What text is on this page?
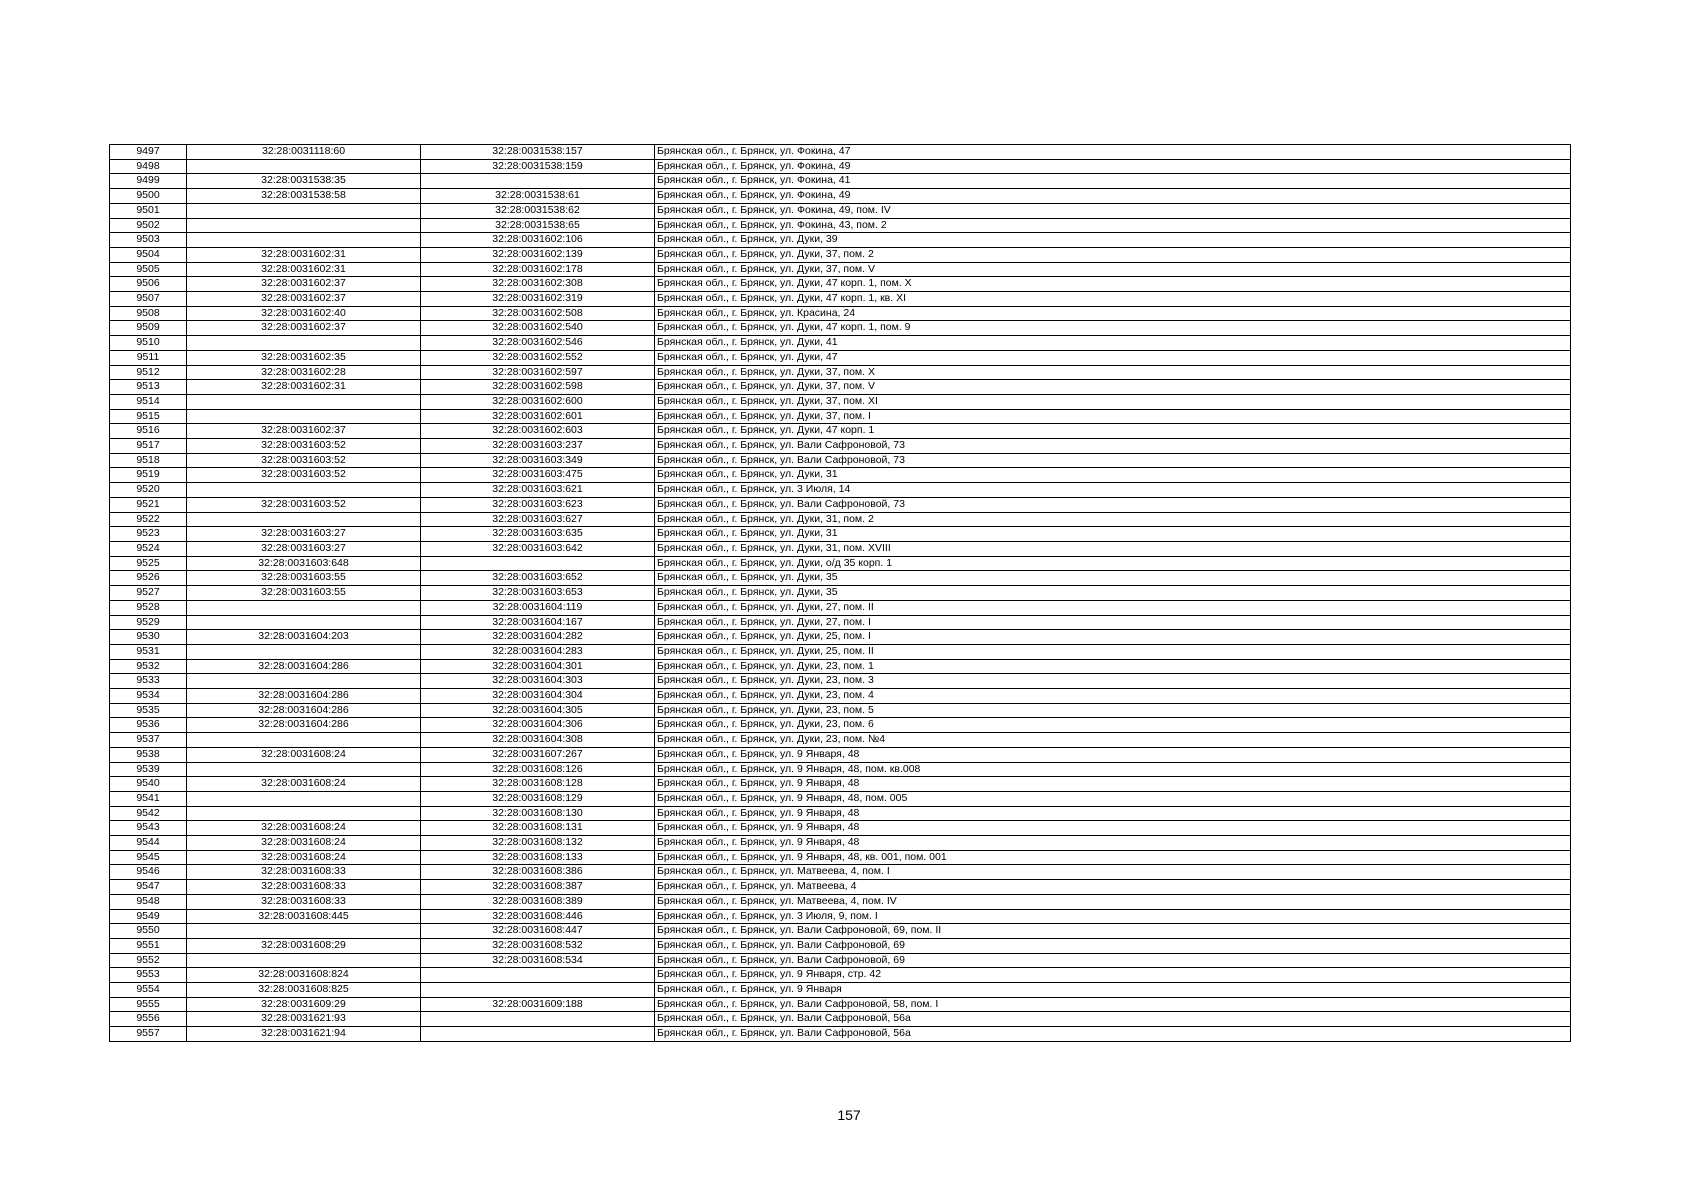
9497	32:28:0031118:60	32:28:0031538:157	Брянская обл., г. Брянск, ул. Фокина, 47
9498		32:28:0031538:159	Брянская обл., г. Брянск, ул. Фокина, 49
9499	32:28:0031538:35		Брянская обл., г. Брянск, ул. Фокина, 41
9500	32:28:0031538:58	32:28:0031538:61	Брянская обл., г. Брянск, ул. Фокина, 49
9501		32:28:0031538:62	Брянская обл., г. Брянск, ул. Фокина, 49, пом. IV
9502		32:28:0031538:65	Брянская обл., г. Брянск, ул. Фокина, 43, пом. 2
9503		32:28:0031602:106	Брянская обл., г. Брянск, ул. Дуки, 39
9504	32:28:0031602:31	32:28:0031602:139	Брянская обл., г. Брянск, ул. Дуки, 37, пом. 2
9505	32:28:0031602:31	32:28:0031602:178	Брянская обл., г. Брянск, ул. Дуки, 37, пом. V
9506	32:28:0031602:37	32:28:0031602:308	Брянская обл., г. Брянск, ул. Дуки, 47 корп. 1, пом. X
9507	32:28:0031602:37	32:28:0031602:319	Брянская обл., г. Брянск, ул. Дуки, 47 корп. 1, кв. XI
9508	32:28:0031602:40	32:28:0031602:508	Брянская обл., г. Брянск, ул. Красина, 24
9509	32:28:0031602:37	32:28:0031602:540	Брянская обл., г. Брянск, ул. Дуки, 47 корп. 1, пом. 9
9510		32:28:0031602:546	Брянская обл., г. Брянск, ул. Дуки, 41
9511	32:28:0031602:35	32:28:0031602:552	Брянская обл., г. Брянск, ул. Дуки, 47
9512	32:28:0031602:28	32:28:0031602:597	Брянская обл., г. Брянск, ул. Дуки, 37, пом. X
9513	32:28:0031602:31	32:28:0031602:598	Брянская обл., г. Брянск, ул. Дуки, 37, пом. V
9514		32:28:0031602:600	Брянская обл., г. Брянск, ул. Дуки, 37, пом. XI
9515		32:28:0031602:601	Брянская обл., г. Брянск, ул. Дуки, 37, пом. I
9516	32:28:0031602:37	32:28:0031602:603	Брянская обл., г. Брянск, ул. Дуки, 47 корп. 1
9517	32:28:0031603:52	32:28:0031603:237	Брянская обл., г. Брянск, ул. Вали Сафроновой, 73
9518	32:28:0031603:52	32:28:0031603:349	Брянская обл., г. Брянск, ул. Вали Сафроновой, 73
9519	32:28:0031603:52	32:28:0031603:475	Брянская обл., г. Брянск, ул. Дуки, 31
9520		32:28:0031603:621	Брянская обл., г. Брянск, ул. 3 Июля, 14
9521	32:28:0031603:52	32:28:0031603:623	Брянская обл., г. Брянск, ул. Вали Сафроновой, 73
9522		32:28:0031603:627	Брянская обл., г. Брянск, ул. Дуки, 31, пом. 2
9523	32:28:0031603:27	32:28:0031603:635	Брянская обл., г. Брянск, ул. Дуки, 31
9524	32:28:0031603:27	32:28:0031603:642	Брянская обл., г. Брянск, ул. Дуки, 31, пом. XVIII
9525	32:28:0031603:648		Брянская обл., г. Брянск, ул. Дуки, о/д 35 корп. 1
9526	32:28:0031603:55	32:28:0031603:652	Брянская обл., г. Брянск, ул. Дуки, 35
9527	32:28:0031603:55	32:28:0031603:653	Брянская обл., г. Брянск, ул. Дуки, 35
9528		32:28:0031604:119	Брянская обл., г. Брянск, ул. Дуки, 27, пом. II
9529		32:28:0031604:167	Брянская обл., г. Брянск, ул. Дуки, 27, пом. I
9530	32:28:0031604:203	32:28:0031604:282	Брянская обл., г. Брянск, ул. Дуки, 25, пом. I
9531		32:28:0031604:283	Брянская обл., г. Брянск, ул. Дуки, 25, пом. II
9532	32:28:0031604:286	32:28:0031604:301	Брянская обл., г. Брянск, ул. Дуки, 23, пом. 1
9533		32:28:0031604:303	Брянская обл., г. Брянск, ул. Дуки, 23, пом. 3
9534	32:28:0031604:286	32:28:0031604:304	Брянская обл., г. Брянск, ул. Дуки, 23, пом. 4
9535	32:28:0031604:286	32:28:0031604:305	Брянская обл., г. Брянск, ул. Дуки, 23, пом. 5
9536	32:28:0031604:286	32:28:0031604:306	Брянская обл., г. Брянск, ул. Дуки, 23, пом. 6
9537		32:28:0031604:308	Брянская обл., г. Брянск, ул. Дуки, 23, пом. №4
9538	32:28:0031608:24	32:28:0031607:267	Брянская обл., г. Брянск, ул. 9 Января, 48
9539		32:28:0031608:126	Брянская обл., г. Брянск, ул. 9 Января, 48, пом. кв.008
9540	32:28:0031608:24	32:28:0031608:128	Брянская обл., г. Брянск, ул. 9 Января, 48
9541		32:28:0031608:129	Брянская обл., г. Брянск, ул. 9 Января, 48, пом. 005
9542		32:28:0031608:130	Брянская обл., г. Брянск, ул. 9 Января, 48
9543	32:28:0031608:24	32:28:0031608:131	Брянская обл., г. Брянск, ул. 9 Января, 48
9544	32:28:0031608:24	32:28:0031608:132	Брянская обл., г. Брянск, ул. 9 Января, 48
9545	32:28:0031608:24	32:28:0031608:133	Брянская обл., г. Брянск, ул. 9 Января, 48, кв. 001, пом. 001
9546	32:28:0031608:33	32:28:0031608:386	Брянская обл., г. Брянск, ул. Матвеева, 4, пом. I
9547	32:28:0031608:33	32:28:0031608:387	Брянская обл., г. Брянск, ул. Матвеева, 4
9548	32:28:0031608:33	32:28:0031608:389	Брянская обл., г. Брянск, ул. Матвеева, 4, пом. IV
9549	32:28:0031608:445	32:28:0031608:446	Брянская обл., г. Брянск, ул. 3 Июля, 9, пом. I
9550		32:28:0031608:447	Брянская обл., г. Брянск, ул. Вали Сафроновой, 69, пом. II
9551	32:28:0031608:29	32:28:0031608:532	Брянская обл., г. Брянск, ул. Вали Сафроновой, 69
9552		32:28:0031608:534	Брянская обл., г. Брянск, ул. Вали Сафроновой, 69
9553	32:28:0031608:824		Брянская обл., г. Брянск, ул. 9 Января, стр. 42
9554	32:28:0031608:825		Брянская обл., г. Брянск, ул. 9 Января
9555	32:28:0031609:29	32:28:0031609:188	Брянская обл., г. Брянск, ул. Вали Сафроновой, 58, пом. I
9556	32:28:0031621:93		Брянская обл., г. Брянск, ул. Вали Сафроновой, 56а
9557	32:28:0031621:94		Брянская обл., г. Брянск, ул. Вали Сафроновой, 56а
157
